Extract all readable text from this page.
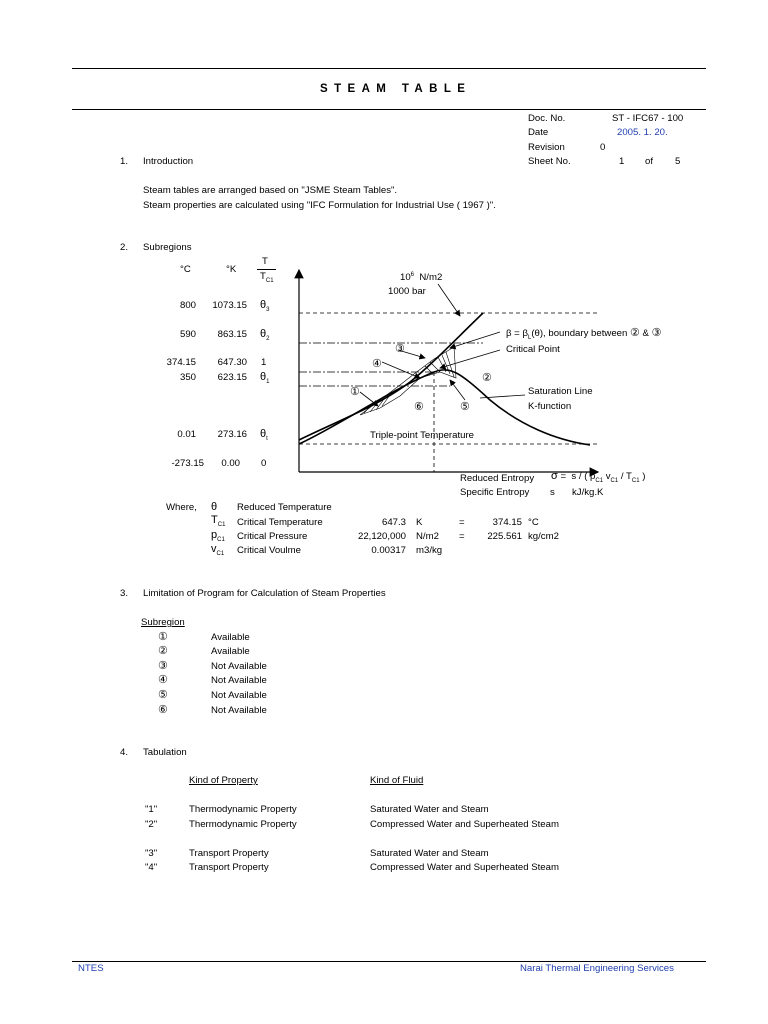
STEAM TABLE
Doc. No.	ST - IFC67 - 100
Date	2005. 1. 20.
Revision	0
Sheet No.	1 of 5
1. Introduction
Steam tables are arranged based on "JSME Steam Tables".
Steam properties are calculated using "IFC Formulation for Industrial Use ( 1967 )".
2. Subregions
°C	°K
T
$T_{C1}$
800	1073.15 $\theta_3$
590	863.15 $\theta_2$
374.15	647.30 1
350	623.15 $\theta_1$
0.01	273.16 $\theta_t$
-273.15	0.00 0
$10^6$ N/m2
1000 bar
$\beta = \beta_L(\theta)$, boundary between ② & ③
Critical Point
③
④
①
②
⑥	⑤
Saturation Line
K-function
Triple-point Temperature
Reduced Entropy σ =  s / ( $p_{C1}$ $v_{C1} / T_{C1}$ )
Specific Entropy s kJ/kg.K
Where, θ Reduced Temperature
$T_{C1}$ Critical Temperature	647.3 K	=	374.15 °C
$p_{C1}$ Critical Pressure	22,120,000 N/m2 =	225.561 kg/cm2
$v_{C1}$ Critical Voulme	0.00317 m3/kg
3. Limitation of Program for Calculation of Steam Properties
Subregion
①	Available
②	Available
③	Not Available
④	Not Available
⑤	Not Available
⑥	Not Available
4. Tabulation
Kind of Property	Kind of Fluid
"1"	Thermodynamic Property	Saturated Water and Steam
"2"	Thermodynamic Property	Compressed Water and Superheated Steam
"3"	Transport Property	Saturated Water and Steam
"4"	Transport Property	Compressed Water and Superheated Steam
NTES	Narai Thermal Engineering Services
